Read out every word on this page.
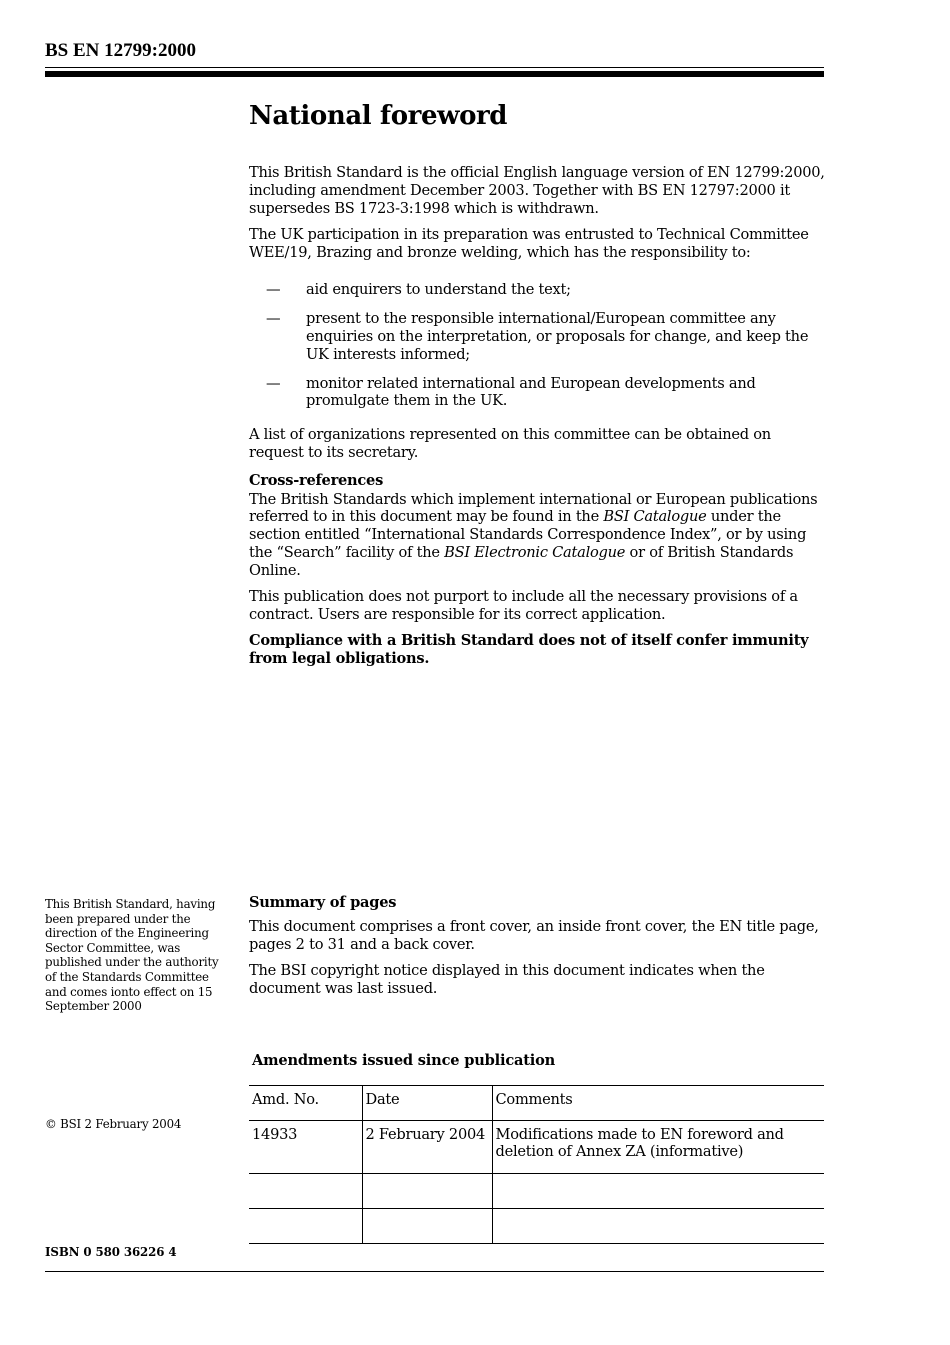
BS EN 12799:2000
National foreword

This British Standard is the official English language version of EN 12799:2000, including amendment December 2003. Together with BS EN 12797:2000 it supersedes BS 1723-3:1998 which is withdrawn.

The UK participation in its preparation was entrusted to Technical Committee WEE/19, Brazing and bronze welding, which has the responsibility to:

— aid enquirers to understand the text;
— present to the responsible international/European committee any enquiries on the interpretation, or proposals for change, and keep the UK interests informed;
— monitor related international and European developments and promulgate them in the UK.

A list of organizations represented on this committee can be obtained on request to its secretary.

Cross-references

The British Standards which implement international or European publications referred to in this document may be found in the BSI Catalogue under the section entitled “International Standards Correspondence Index”, or by using the “Search” facility of the BSI Electronic Catalogue or of British Standards Online.

This publication does not purport to include all the necessary provisions of a contract. Users are responsible for its correct application.

Compliance with a British Standard does not of itself confer immunity from legal obligations.

This British Standard, having been prepared under the direction of the Engineering Sector Committee, was published under the authority of the Standards Committee and comes ionto effect on 15 September 2000

Summary of pages

This document comprises a front cover, an inside front cover, the EN title page, pages 2 to 31 and a back cover.

The BSI copyright notice displayed in this document indicates when the document was last issued.

Amendments issued since publication
© BSI 2 February 2004
Amd. No.	Date	Comments
14933	2 February 2004	Modifications made to EN foreword and deletion of Annex ZA (informative)

ISBN 0 580 36226 4
